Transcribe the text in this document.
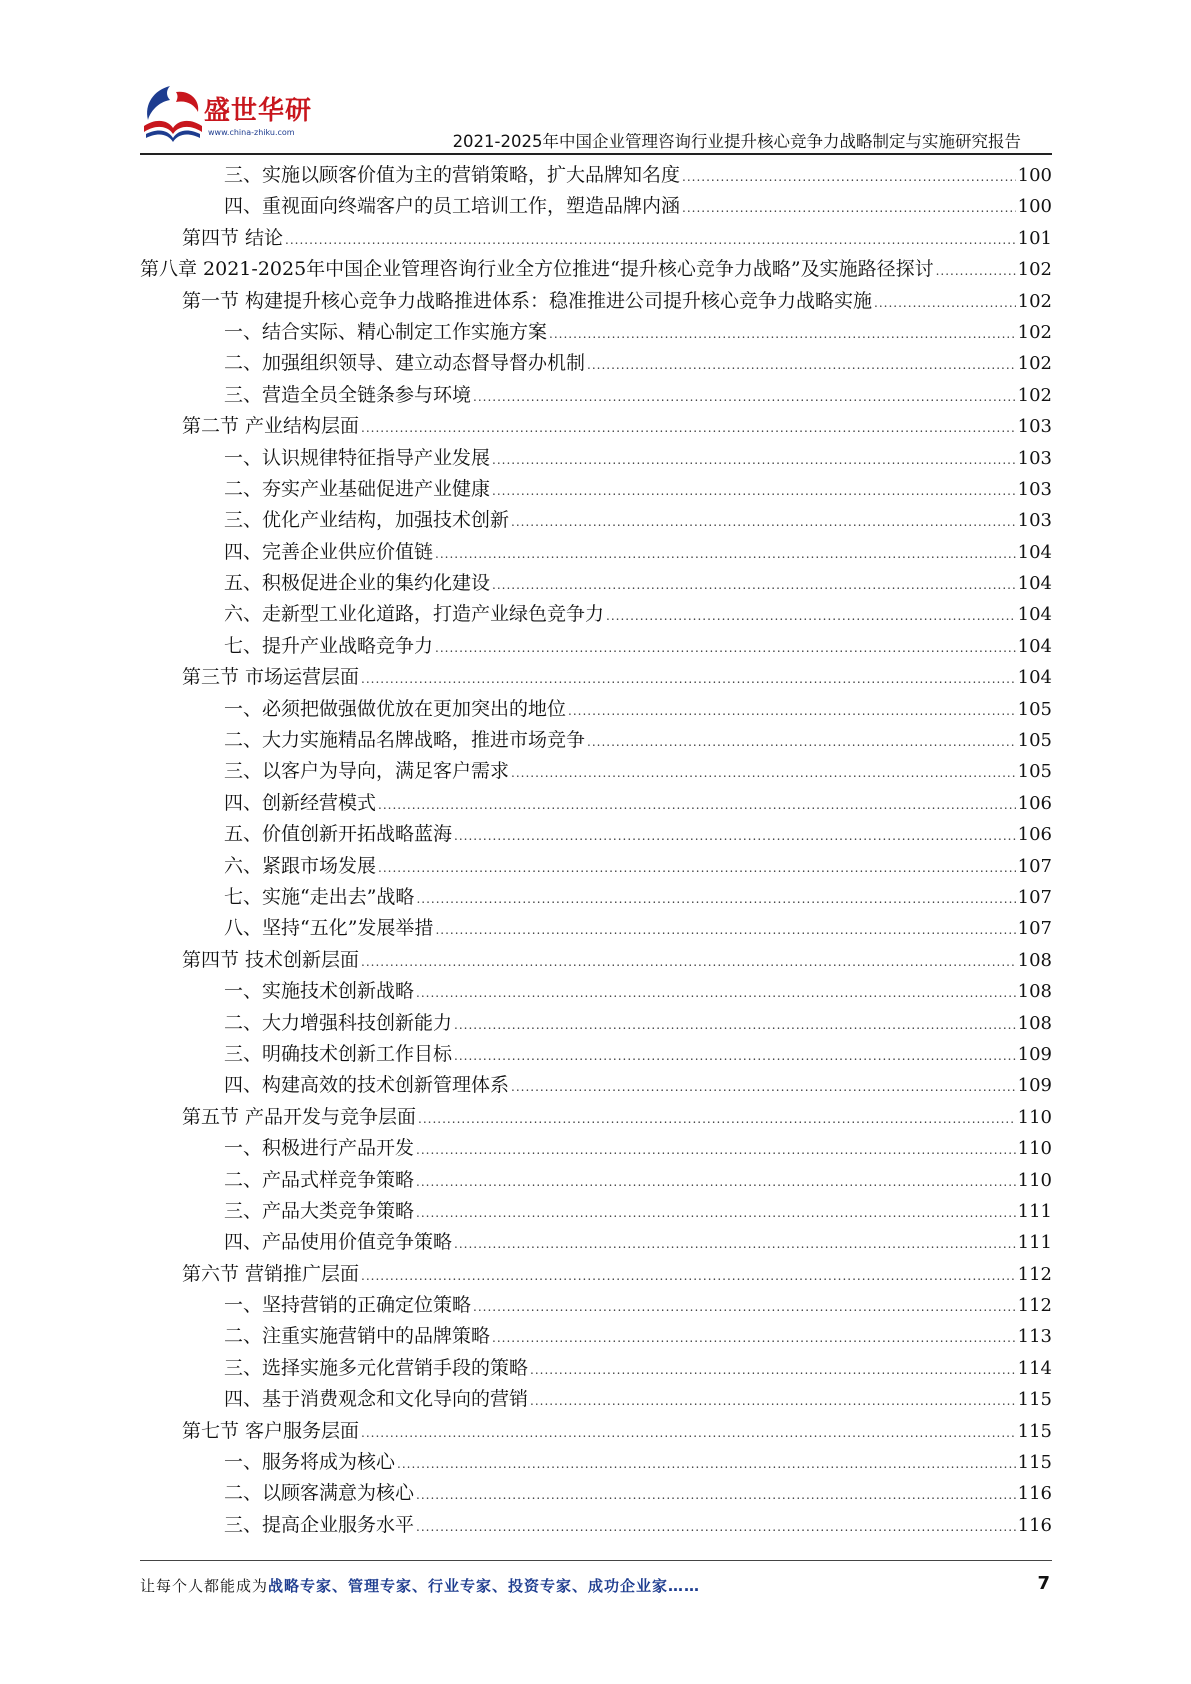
盛世华研
www.china-zhiku.com	2021-2025年中国企业管理咨询行业提升核心竞争力战略制定与实施研究报告
三、实施以顾客价值为主的营销策略，扩大品牌知名度 .....	100
四、重视面向终端客户的员工培训工作，塑造品牌内涵 .....	100
第四节 结论 .....	101
第八章 2021-2025年中国企业管理咨询行业全方位推进“提升核心竞争力战略”及实施路径探讨 .....	102
第一节 构建提升核心竞争力战略推进体系：稳准推进公司提升核心竞争力战略实施 .....	102
一、结合实际、精心制定工作实施方案 .....	102
二、加强组织领导、建立动态督导督办机制 .....	102
三、营造全员全链条参与环境 .....	102
第二节 产业结构层面 .....	103
一、认识规律特征指导产业发展 .....	103
二、夯实产业基础促进产业健康 .....	103
三、优化产业结构，加强技术创新 .....	103
四、完善企业供应价值链 .....	104
五、积极促进企业的集约化建设 .....	104
六、走新型工业化道路，打造产业绿色竞争力 .....	104
七、提升产业战略竞争力 .....	104
第三节 市场运营层面 .....	104
一、必须把做强做优放在更加突出的地位 .....	105
二、大力实施精品名牌战略，推进市场竞争 .....	105
三、以客户为导向，满足客户需求 .....	105
四、创新经营模式 .....	106
五、价值创新开拓战略蓝海 .....	106
六、紧跟市场发展 .....	107
七、实施“走出去”战略 .....	107
八、坚持“五化”发展举措 .....	107
第四节 技术创新层面 .....	108
一、实施技术创新战略 .....	108
二、大力增强科技创新能力 .....	108
三、明确技术创新工作目标 .....	109
四、构建高效的技术创新管理体系 .....	109
第五节 产品开发与竞争层面 .....	110
一、积极进行产品开发 .....	110
二、产品式样竞争策略 .....	110
三、产品大类竞争策略 .....	111
四、产品使用价值竞争策略 .....	111
第六节 营销推广层面 .....	112
一、坚持营销的正确定位策略 .....	112
二、注重实施营销中的品牌策略 .....	113
三、选择实施多元化营销手段的策略 .....	114
四、基于消费观念和文化导向的营销 .....	115
第七节 客户服务层面 .....	115
一、服务将成为核心 .....	115
二、以顾客满意为核心 .....	116
三、提高企业服务水平 .....	116
让每个人都能成为战略专家、管理专家、行业专家、投资专家、成功企业家……	7
